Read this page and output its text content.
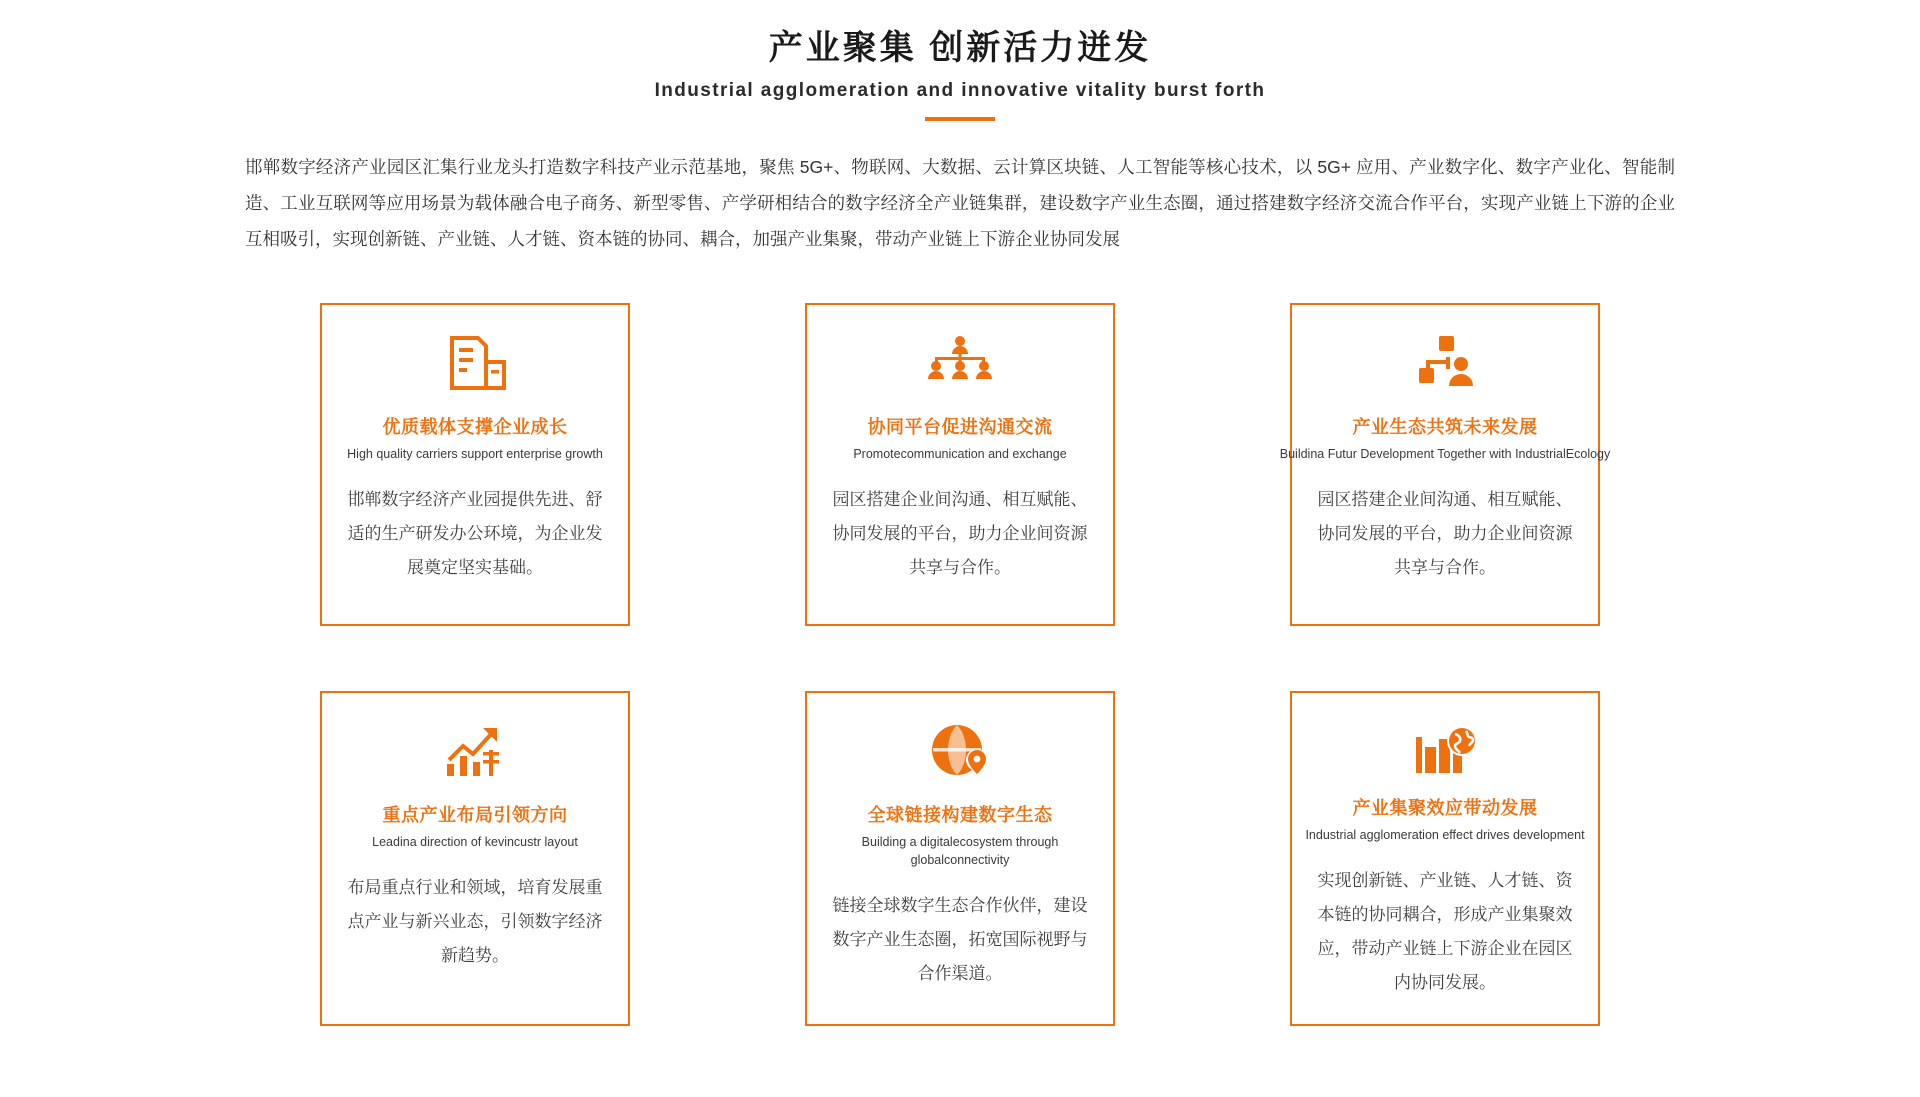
产业聚集 创新活力迸发
Industrial agglomeration and innovative vitality burst forth

邯郸数字经济产业园区汇集行业龙头打造数字科技产业示范基地，聚焦 5G+、物联网、大数据、云计算区块链、人工智能等核心技术，以 5G+ 应用、产业数字化、数字产业化、智能制造、工业互联网等应用场景为载体融合电子商务、新型零售、产学研相结合的数字经济全产业链集群，建设数字产业生态圈，通过搭建数字经济交流合作平台，实现产业链上下游的企业互相吸引，实现创新链、产业链、人才链、资本链的协同、耦合，加强产业集聚，带动产业链上下游企业协同发展

优质载体支撑企业成长
High quality carriers support enterprise growth
邯郸数字经济产业园提供先进、舒适的生产研发办公环境，为企业发展奠定坚实基础。
协同平台促进沟通交流
Promotecommunication and exchange
园区搭建企业间沟通、相互赋能、协同发展的平台，助力企业间资源共享与合作。
产业生态共筑未来发展
Buildina Futur Development Together with IndustrialEcology
园区搭建企业间沟通、相互赋能、协同发展的平台，助力企业间资源共享与合作。
重点产业布局引领方向
Leadina direction of kevincustr layout
布局重点行业和领域，培育发展重点产业与新兴业态，引领数字经济新趋势。
全球链接构建数字生态
Building a digitalecosystem through globalconnectivity
链接全球数字生态合作伙伴，建设数字产业生态圈，拓宽国际视野与合作渠道。
产业集聚效应带动发展
Industrial agglomeration effect drives development
实现创新链、产业链、人才链、资本链的协同耦合，形成产业集聚效应，带动产业链上下游企业在园区内协同发展。
